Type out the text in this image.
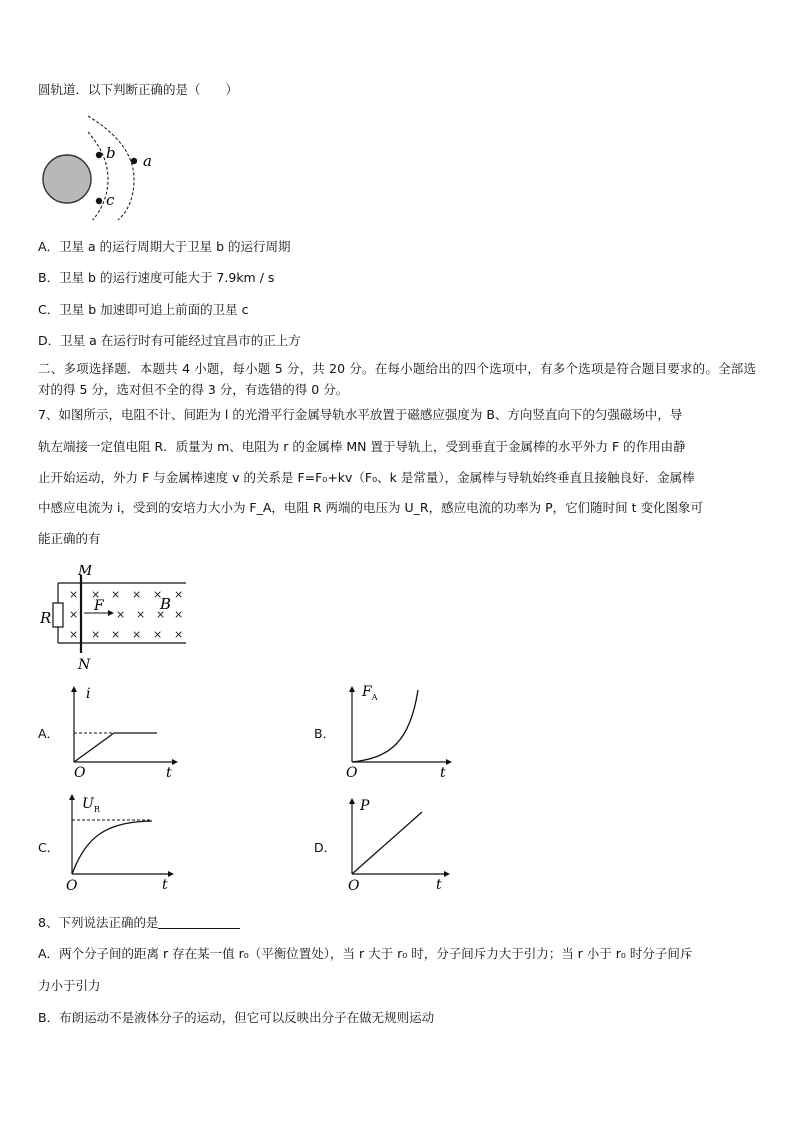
圆轨道．以下判断正确的是（　　）
b
c
a
A．卫星 a 的运行周期大于卫星 b 的运行周期
B．卫星 b 的运行速度可能大于 7.9km / s
C．卫星 b 加速即可追上前面的卫星 c
D．卫星 a 在运行时有可能经过宜昌市的正上方
二、多项选择题．本题共 4 小题，每小题 5 分，共 20 分。在每小题给出的四个选项中，有多个选项是符合题目要求的。全部选对的得 5 分，选对但不全的得 3 分，有选错的得 0 分。
7、如图所示，电阻不计、间距为 l 的光滑平行金属导轨水平放置于磁感应强度为 B、方向竖直向下的匀强磁场中，导
轨左端接一定值电阻 R．质量为 m、电阻为 r 的金属棒 MN 置于导轨上，受到垂直于金属棒的水平外力 F 的作用由静
止开始运动，外力 F 与金属棒速度 v 的关系是 F=F₀+kv（F₀、k 是常量），金属棒与导轨始终垂直且接触良好．金属棒
中感应电流为 i，受到的安培力大小为 F_A，电阻 R 两端的电压为 U_R，感应电流的功率为 P，它们随时间 t 变化图象可
能正确的有
R
M
N
F	B
×
×
×
×
×
×
×
×
×
×
×
×
×
×
×
×
×
A．
i
O	t
B．
$F_A$
O	t
C．
$U_R$
O	t
D．
P
O	t
8、下列说法正确的是
A．两个分子间的距离 r 存在某一值 r₀（平衡位置处），当 r 大于 r₀ 时，分子间斥力大于引力；当 r 小于 r₀ 时分子间斥
力小于引力
B．布朗运动不是液体分子的运动，但它可以反映出分子在做无规则运动
